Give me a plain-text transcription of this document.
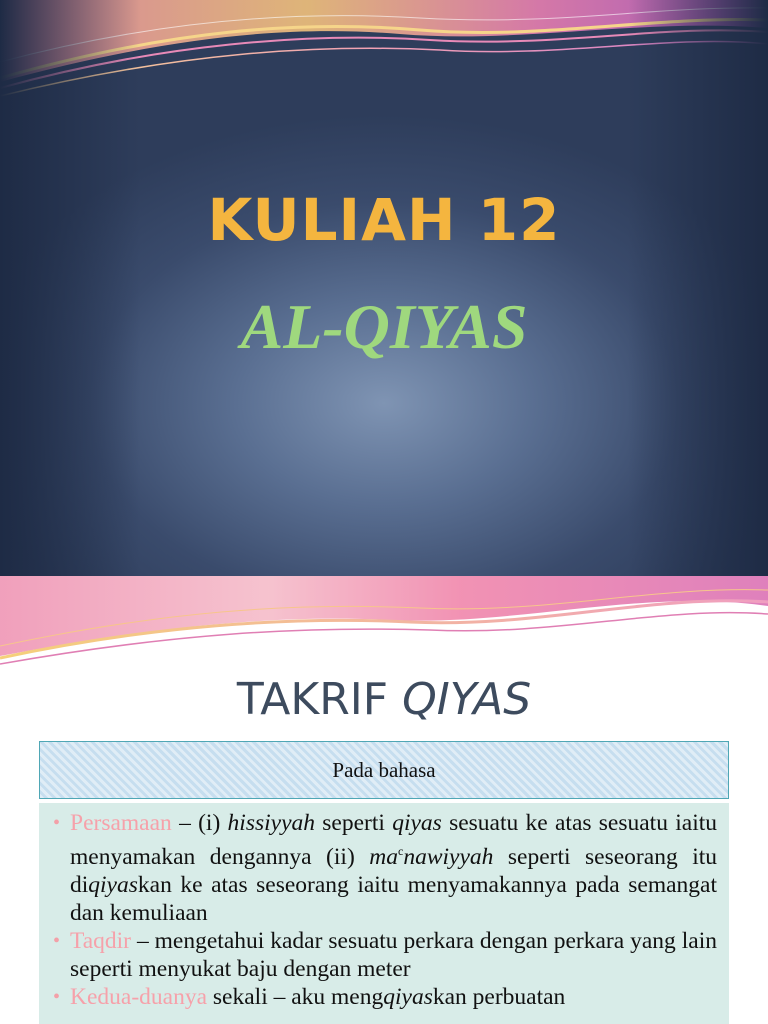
KULIAH 12
AL-QIYAS
TAKRIF QIYAS
Pada bahasa

• Persamaan – (i) hissiyyah seperti qiyas sesuatu ke atas sesuatu iaitu menyamakan dengannya (ii) $ma^cnawiyyah$ seperti seseorang itu diqiyaskan ke atas seseorang iaitu menyamakannya pada semangat dan kemuliaan

• Taqdir – mengetahui kadar sesuatu perkara dengan perkara yang lain seperti menyukat baju dengan meter

• Kedua-duanya sekali – aku mengqiyaskan perbuatan
